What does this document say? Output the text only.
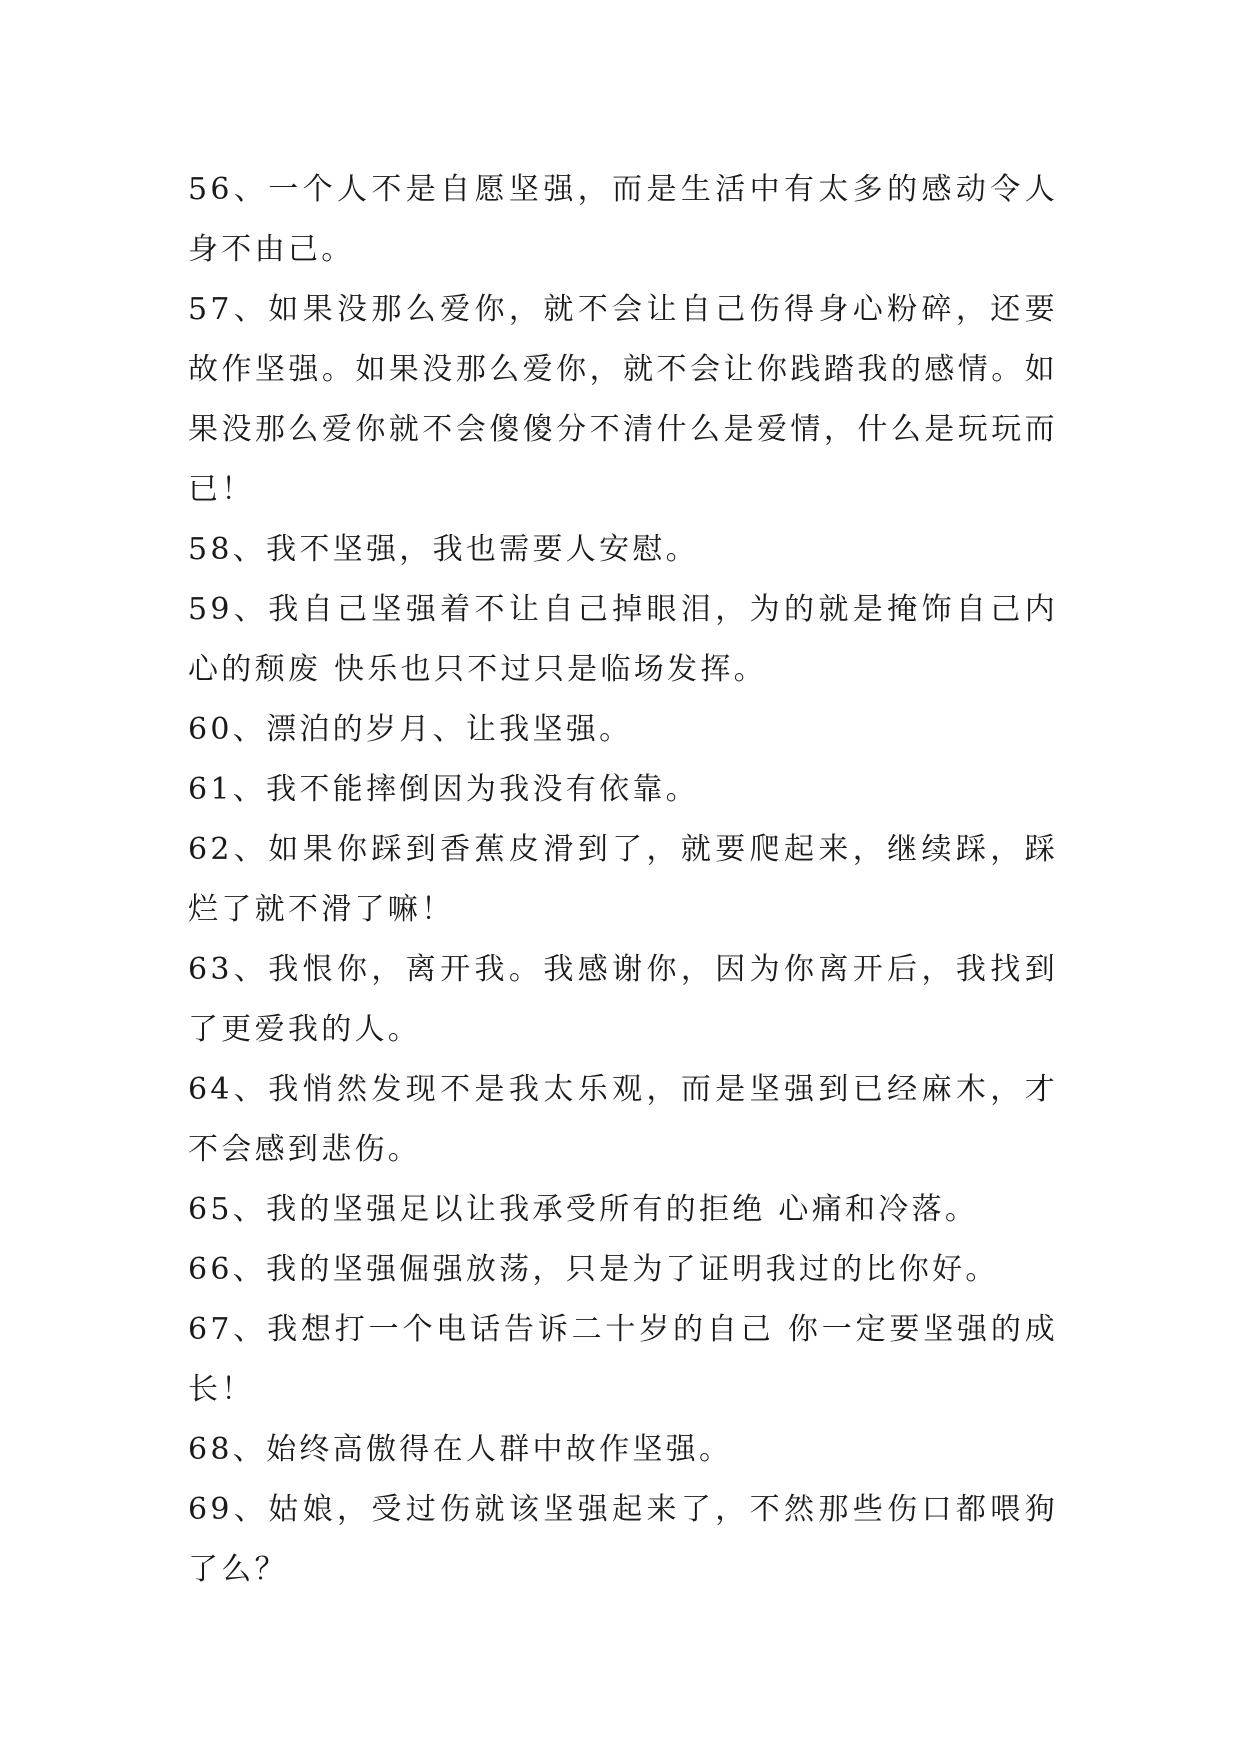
56、一个人不是自愿坚强，而是生活中有太多的感动令人身不由己。

57、如果没那么爱你，就不会让自己伤得身心粉碎，还要故作坚强。如果没那么爱你，就不会让你践踏我的感情。如果没那么爱你就不会傻傻分不清什么是爱情，什么是玩玩而已！

58、我不坚强，我也需要人安慰。

59、我自己坚强着不让自己掉眼泪，为的就是掩饰自己内心的颓废 快乐也只不过只是临场发挥。

60、漂泊的岁月、让我坚强。

61、我不能摔倒因为我没有依靠。

62、如果你踩到香蕉皮滑到了，就要爬起来，继续踩，踩烂了就不滑了嘛！

63、我恨你，离开我。我感谢你，因为你离开后，我找到了更爱我的人。

64、我悄然发现不是我太乐观，而是坚强到已经麻木，才不会感到悲伤。

65、我的坚强足以让我承受所有的拒绝 心痛和冷落。

66、我的坚强倔强放荡，只是为了证明我过的比你好。

67、我想打一个电话告诉二十岁的自己 你一定要坚强的成长！

68、始终高傲得在人群中故作坚强。

69、姑娘，受过伤就该坚强起来了，不然那些伤口都喂狗了么？
